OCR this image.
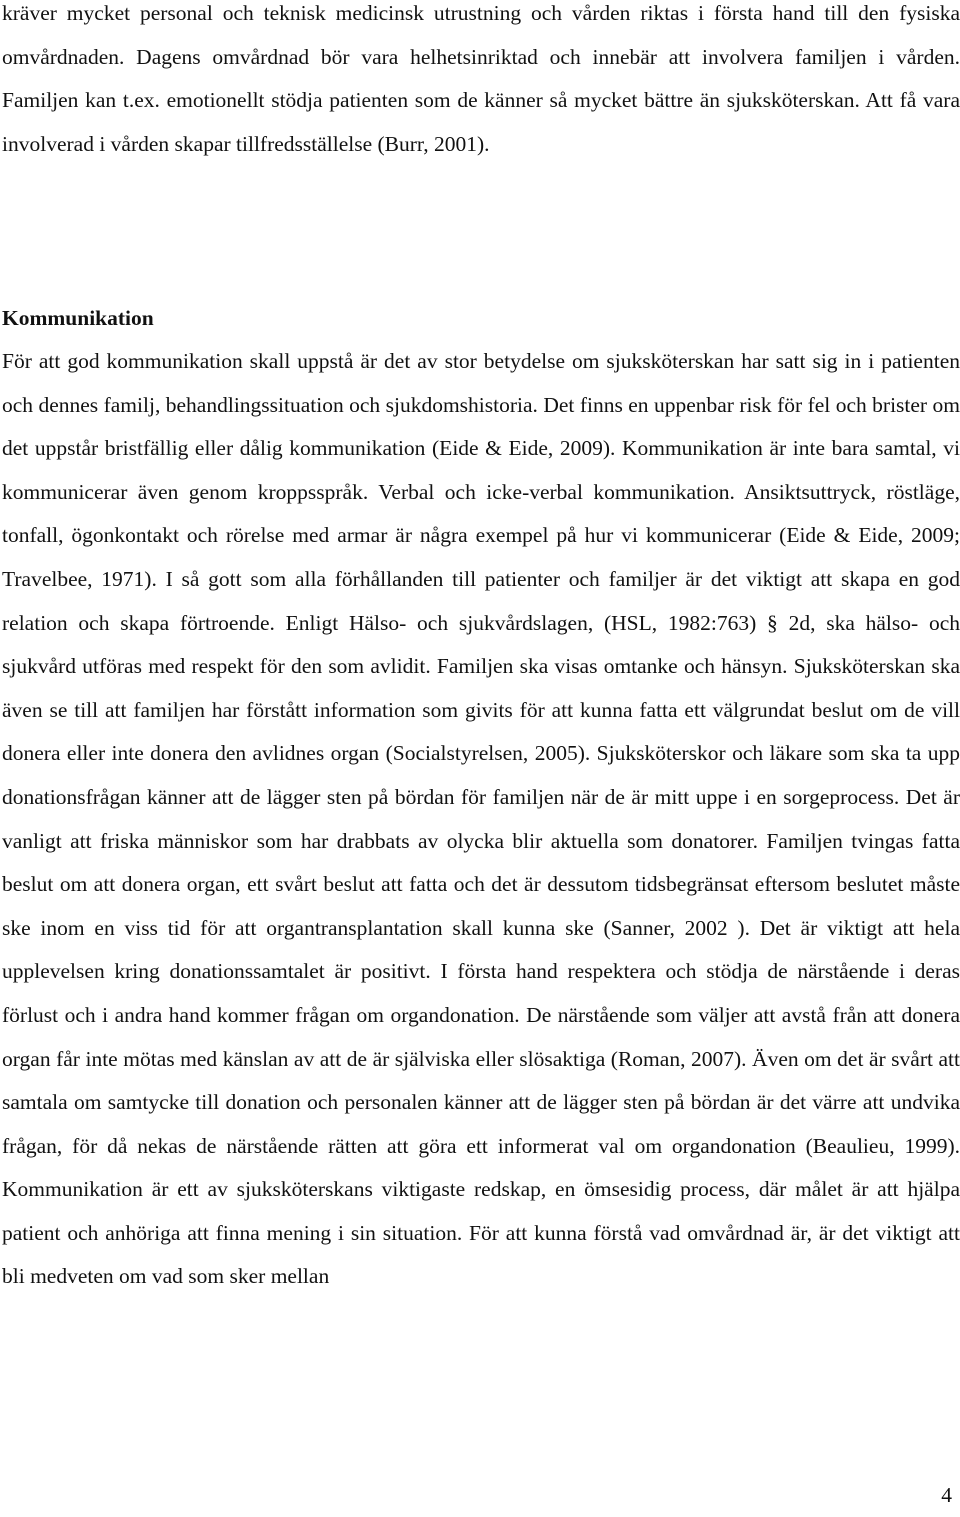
kräver mycket personal och teknisk medicinsk utrustning och vården riktas i första hand till den fysiska omvårdnaden. Dagens omvårdnad bör vara helhetsinriktad och innebär att involvera familjen i vården. Familjen kan t.ex. emotionellt stödja patienten som de känner så mycket bättre än sjuksköterskan. Att få vara involverad i vården skapar tillfredsställelse (Burr, 2001).

Kommunikation

För att god kommunikation skall uppstå är det av stor betydelse om sjuksköterskan har satt sig in i patienten och dennes familj, behandlingssituation och sjukdomshistoria. Det finns en uppenbar risk för fel och brister om det uppstår bristfällig eller dålig kommunikation (Eide & Eide, 2009). Kommunikation är inte bara samtal, vi kommunicerar även genom kroppsspråk. Verbal och icke-verbal kommunikation. Ansiktsuttryck, röstläge, tonfall, ögonkontakt och rörelse med armar är några exempel på hur vi kommunicerar (Eide & Eide, 2009; Travelbee, 1971). I så gott som alla förhållanden till patienter och familjer är det viktigt att skapa en god relation och skapa förtroende. Enligt Hälso- och sjukvårdslagen, (HSL, 1982:763) § 2d, ska hälso- och sjukvård utföras med respekt för den som avlidit. Familjen ska visas omtanke och hänsyn. Sjuksköterskan ska även se till att familjen har förstått information som givits för att kunna fatta ett välgrundat beslut om de vill donera eller inte donera den avlidnes organ (Socialstyrelsen, 2005). Sjuksköterskor och läkare som ska ta upp donationsfrågan känner att de lägger sten på bördan för familjen när de är mitt uppe i en sorgeprocess. Det är vanligt att friska människor som har drabbats av olycka blir aktuella som donatorer. Familjen tvingas fatta beslut om att donera organ, ett svårt beslut att fatta och det är dessutom tidsbegränsat eftersom beslutet måste ske inom en viss tid för att organtransplantation skall kunna ske (Sanner, 2002 ). Det är viktigt att hela upplevelsen kring donationssamtalet är positivt. I första hand respektera och stödja de närstående i deras förlust och i andra hand kommer frågan om organdonation. De närstående som väljer att avstå från att donera organ får inte mötas med känslan av att de är själviska eller slösaktiga (Roman, 2007). Även om det är svårt att samtala om samtycke till donation och personalen känner att de lägger sten på bördan är det värre att undvika frågan, för då nekas de närstående rätten att göra ett informerat val om organdonation (Beaulieu, 1999). Kommunikation är ett av sjuksköterskans viktigaste redskap, en ömsesidig process, där målet är att hjälpa patient och anhöriga att finna mening i sin situation. För att kunna förstå vad omvårdnad är, är det viktigt att bli medveten om vad som sker mellan

4
